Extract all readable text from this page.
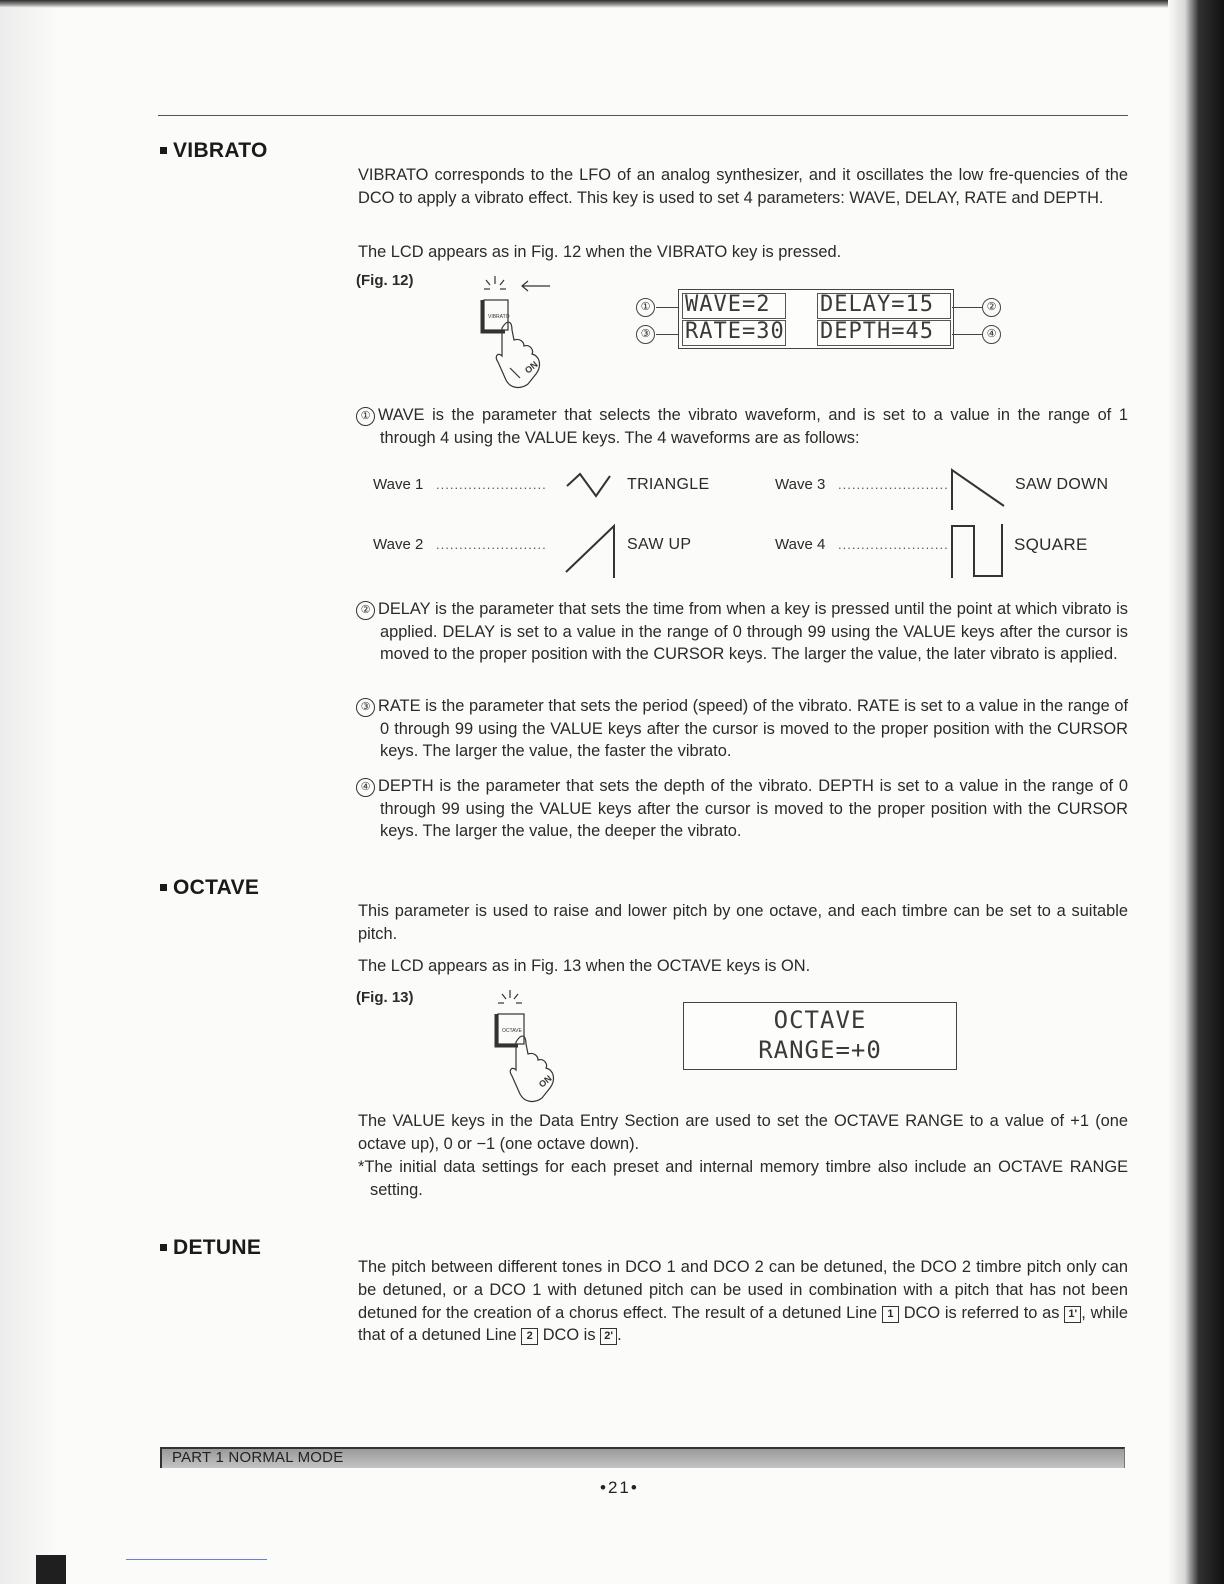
VIBRATO

VIBRATO corresponds to the LFO of an analog synthesizer, and it oscillates the low fre-quencies of the DCO to apply a vibrato effect. This key is used to set 4 parameters: WAVE, DELAY, RATE and DEPTH.

The LCD appears as in Fig. 12 when the VIBRATO key is pressed.

(Fig. 12)
VIBRATO
ON
①
③
WAVE=2 DELAY=15
RATE=30 DEPTH=45
②
④

① WAVE is the parameter that selects the vibrato waveform, and is set to a value in the range of 1 through 4 using the VALUE keys. The 4 waveforms are as follows:

Wave 1 ........................	TRIANGLE
Wave 2 ........................	SAW UP
Wave 3 ........................	SAW DOWN
Wave 4 ........................	SQUARE

② DELAY is the parameter that sets the time from when a key is pressed until the point at which vibrato is applied. DELAY is set to a value in the range of 0 through 99 using the VALUE keys after the cursor is moved to the proper position with the CURSOR keys. The larger the value, the later vibrato is applied.

③ RATE is the parameter that sets the period (speed) of the vibrato. RATE is set to a value in the range of 0 through 99 using the VALUE keys after the cursor is moved to the proper position with the CURSOR keys. The larger the value, the faster the vibrato.

④ DEPTH is the parameter that sets the depth of the vibrato. DEPTH is set to a value in the range of 0 through 99 using the VALUE keys after the cursor is moved to the proper position with the CURSOR keys. The larger the value, the deeper the vibrato.

OCTAVE

This parameter is used to raise and lower pitch by one octave, and each timbre can be set to a suitable pitch.

The LCD appears as in Fig. 13 when the OCTAVE keys is ON.

(Fig. 13)
OCTAVE
ON
OCTAVE
RANGE=+0

The VALUE keys in the Data Entry Section are used to set the OCTAVE RANGE to a value of +1 (one octave up), 0 or −1 (one octave down).

*The initial data settings for each preset and internal memory timbre also include an OCTAVE RANGE setting.

DETUNE

The pitch between different tones in DCO 1 and DCO 2 can be detuned, the DCO 2 timbre pitch only can be detuned, or a DCO 1 with detuned pitch can be used in combination with a pitch that has not been detuned for the creation of a chorus effect. The result of a detuned Line 1 DCO is referred to as 1' , while that of a detuned Line 2 DCO is 2' .

PART 1 NORMAL MODE
•21•
